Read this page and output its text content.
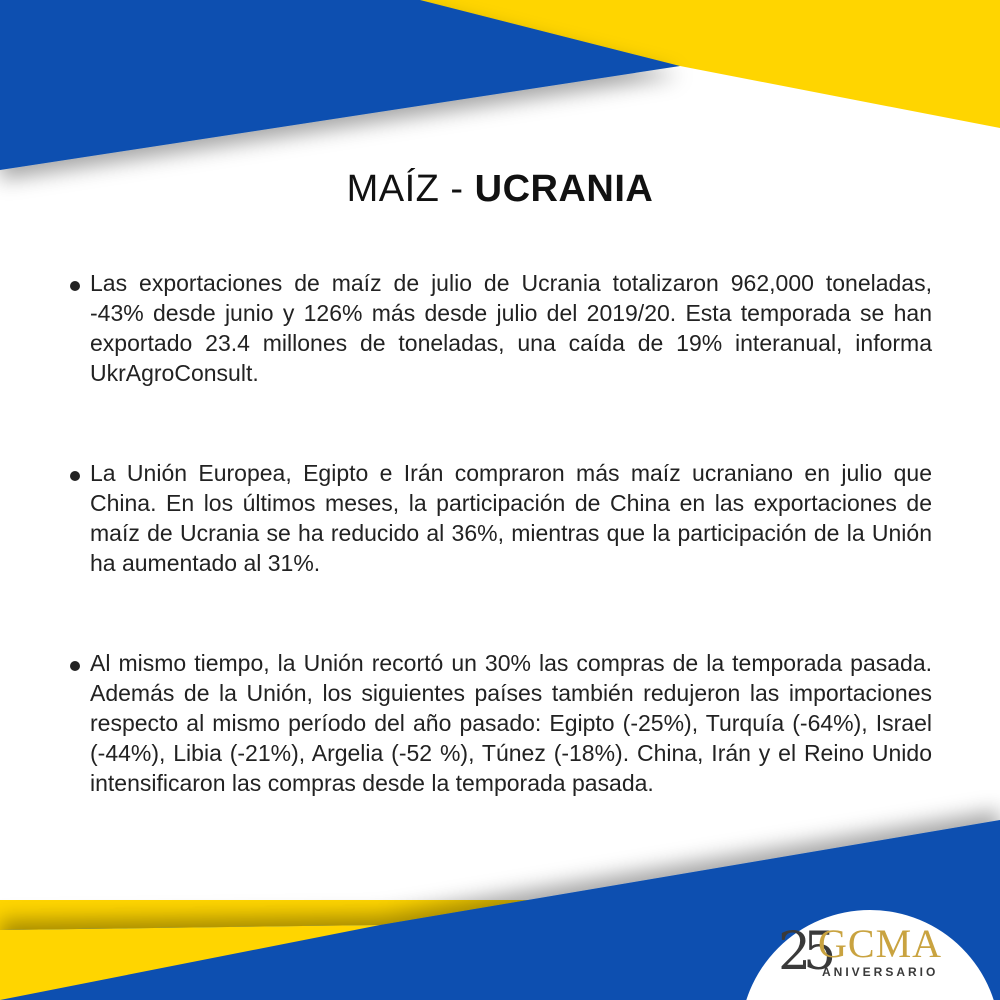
MAÍZ - UCRANIA

Las exportaciones de maíz de julio de Ucrania totalizaron 962,000 toneladas, -43% desde junio y 126% más desde julio del 2019/20. Esta temporada se han exportado 23.4 millones de toneladas, una caída de 19% interanual, informa UkrAgroConsult.

La Unión Europea, Egipto e Irán compraron más maíz ucraniano en julio que China. En los últimos meses, la participación de China en las exportaciones de maíz de Ucrania se ha reducido al 36%, mientras que la participación de la Unión ha aumentado al 31%.

Al mismo tiempo, la Unión recortó un 30% las compras de la temporada pasada. Además de la Unión, los siguientes países también redujeron las importaciones respecto al mismo período del año pasado: Egipto (-25%), Turquía (-64%), Israel (-44%), Libia (-21%), Argelia (-52 %), Túnez (-18%). China, Irán y el Reino Unido intensificaron las compras desde la temporada pasada.

25
GCMA
ANIVERSARIO
